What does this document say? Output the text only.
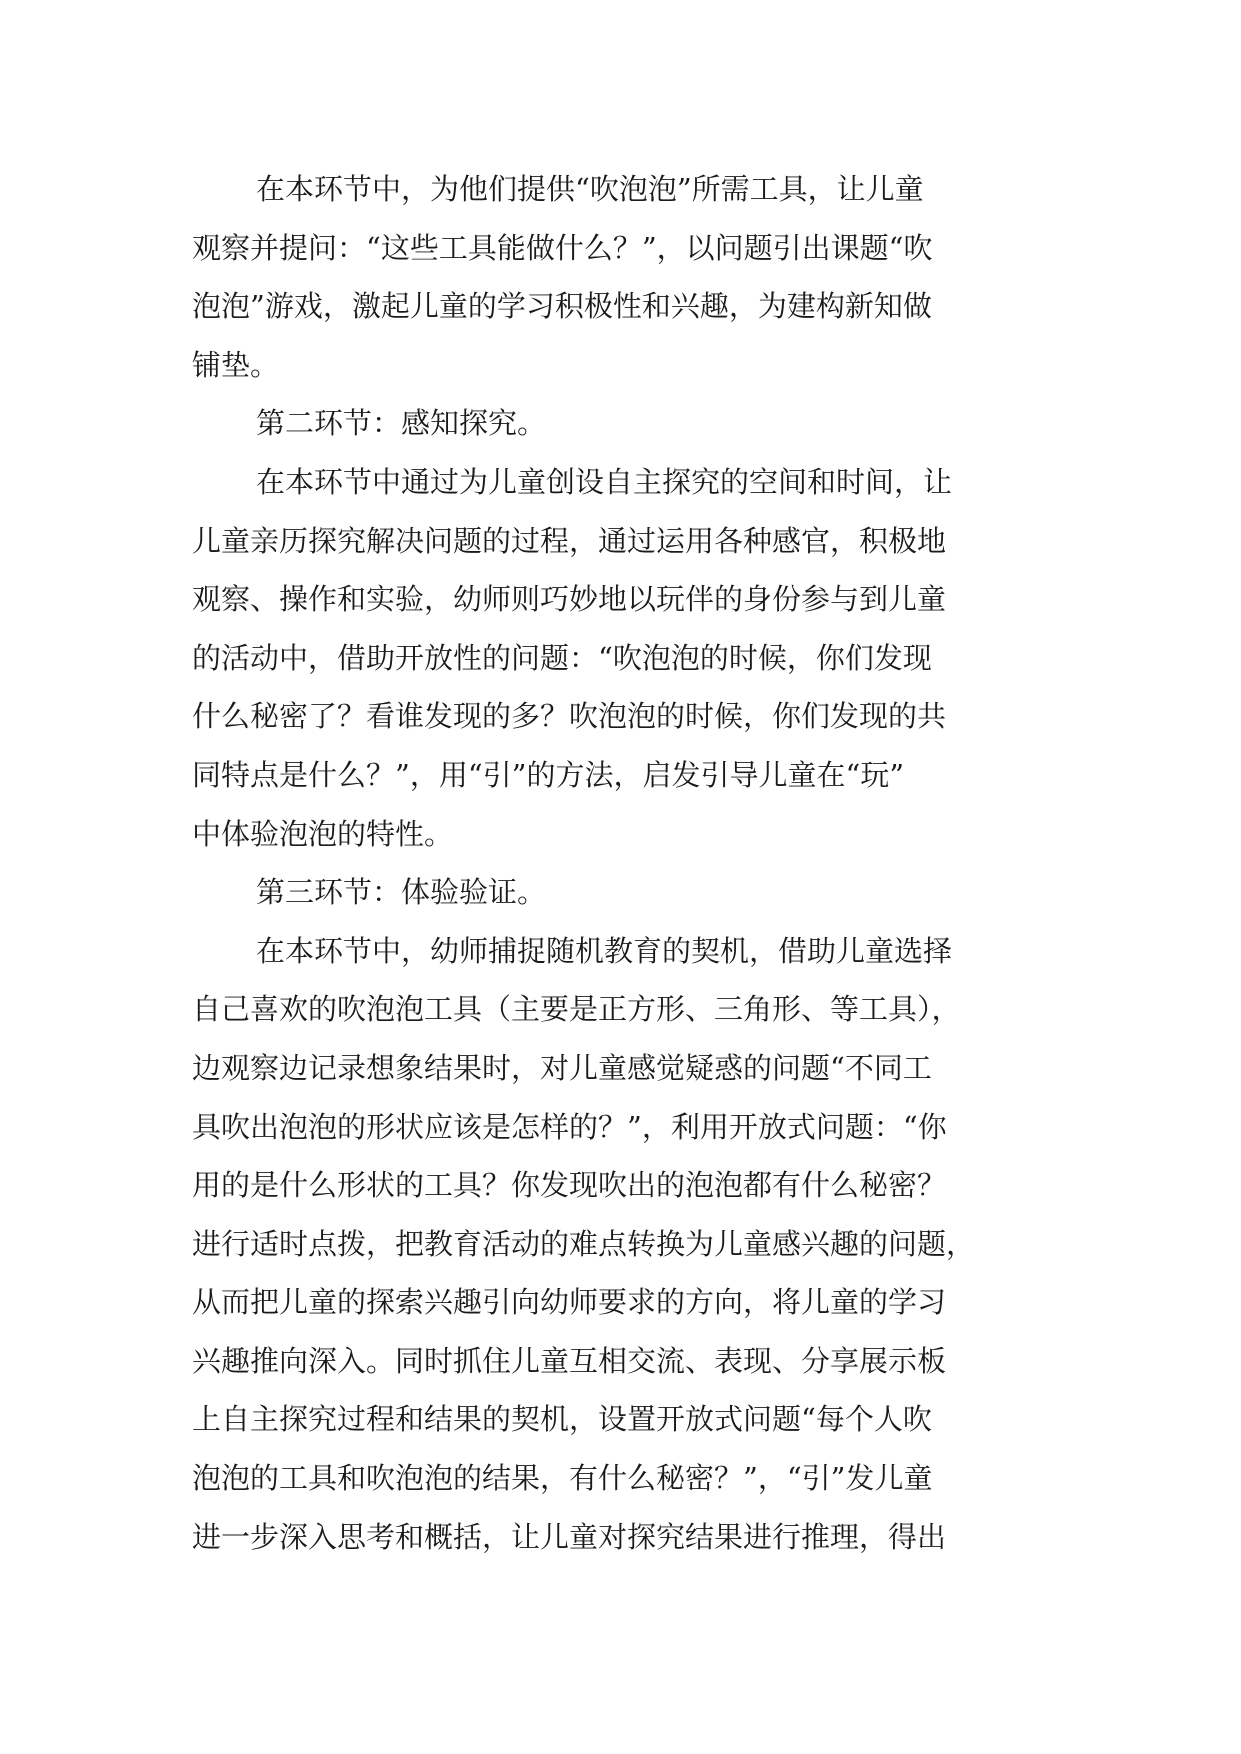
在本环节中，为他们提供“吹泡泡”所需工具，让儿童
观察并提问：“这些工具能做什么？”，以问题引出课题“吹
泡泡”游戏，激起儿童的学习积极性和兴趣，为建构新知做
铺垫。
第二环节：感知探究。
在本环节中通过为儿童创设自主探究的空间和时间，让
儿童亲历探究解决问题的过程，通过运用各种感官，积极地
观察、操作和实验，幼师则巧妙地以玩伴的身份参与到儿童
的活动中，借助开放性的问题：“吹泡泡的时候，你们发现
什么秘密了？看谁发现的多？吹泡泡的时候，你们发现的共
同特点是什么？”，用“引”的方法，启发引导儿童在“玩”
中体验泡泡的特性。
第三环节：体验验证。
在本环节中，幼师捕捉随机教育的契机，借助儿童选择
自己喜欢的吹泡泡工具（主要是正方形、三角形、等工具），
边观察边记录想象结果时，对儿童感觉疑惑的问题“不同工
具吹出泡泡的形状应该是怎样的？”，利用开放式问题：“你
用的是什么形状的工具？你发现吹出的泡泡都有什么秘密？
进行适时点拨，把教育活动的难点转换为儿童感兴趣的问题，
从而把儿童的探索兴趣引向幼师要求的方向，将儿童的学习
兴趣推向深入。同时抓住儿童互相交流、表现、分享展示板
上自主探究过程和结果的契机，设置开放式问题“每个人吹
泡泡的工具和吹泡泡的结果，有什么秘密？”，“引”发儿童
进一步深入思考和概括，让儿童对探究结果进行推理，得出
